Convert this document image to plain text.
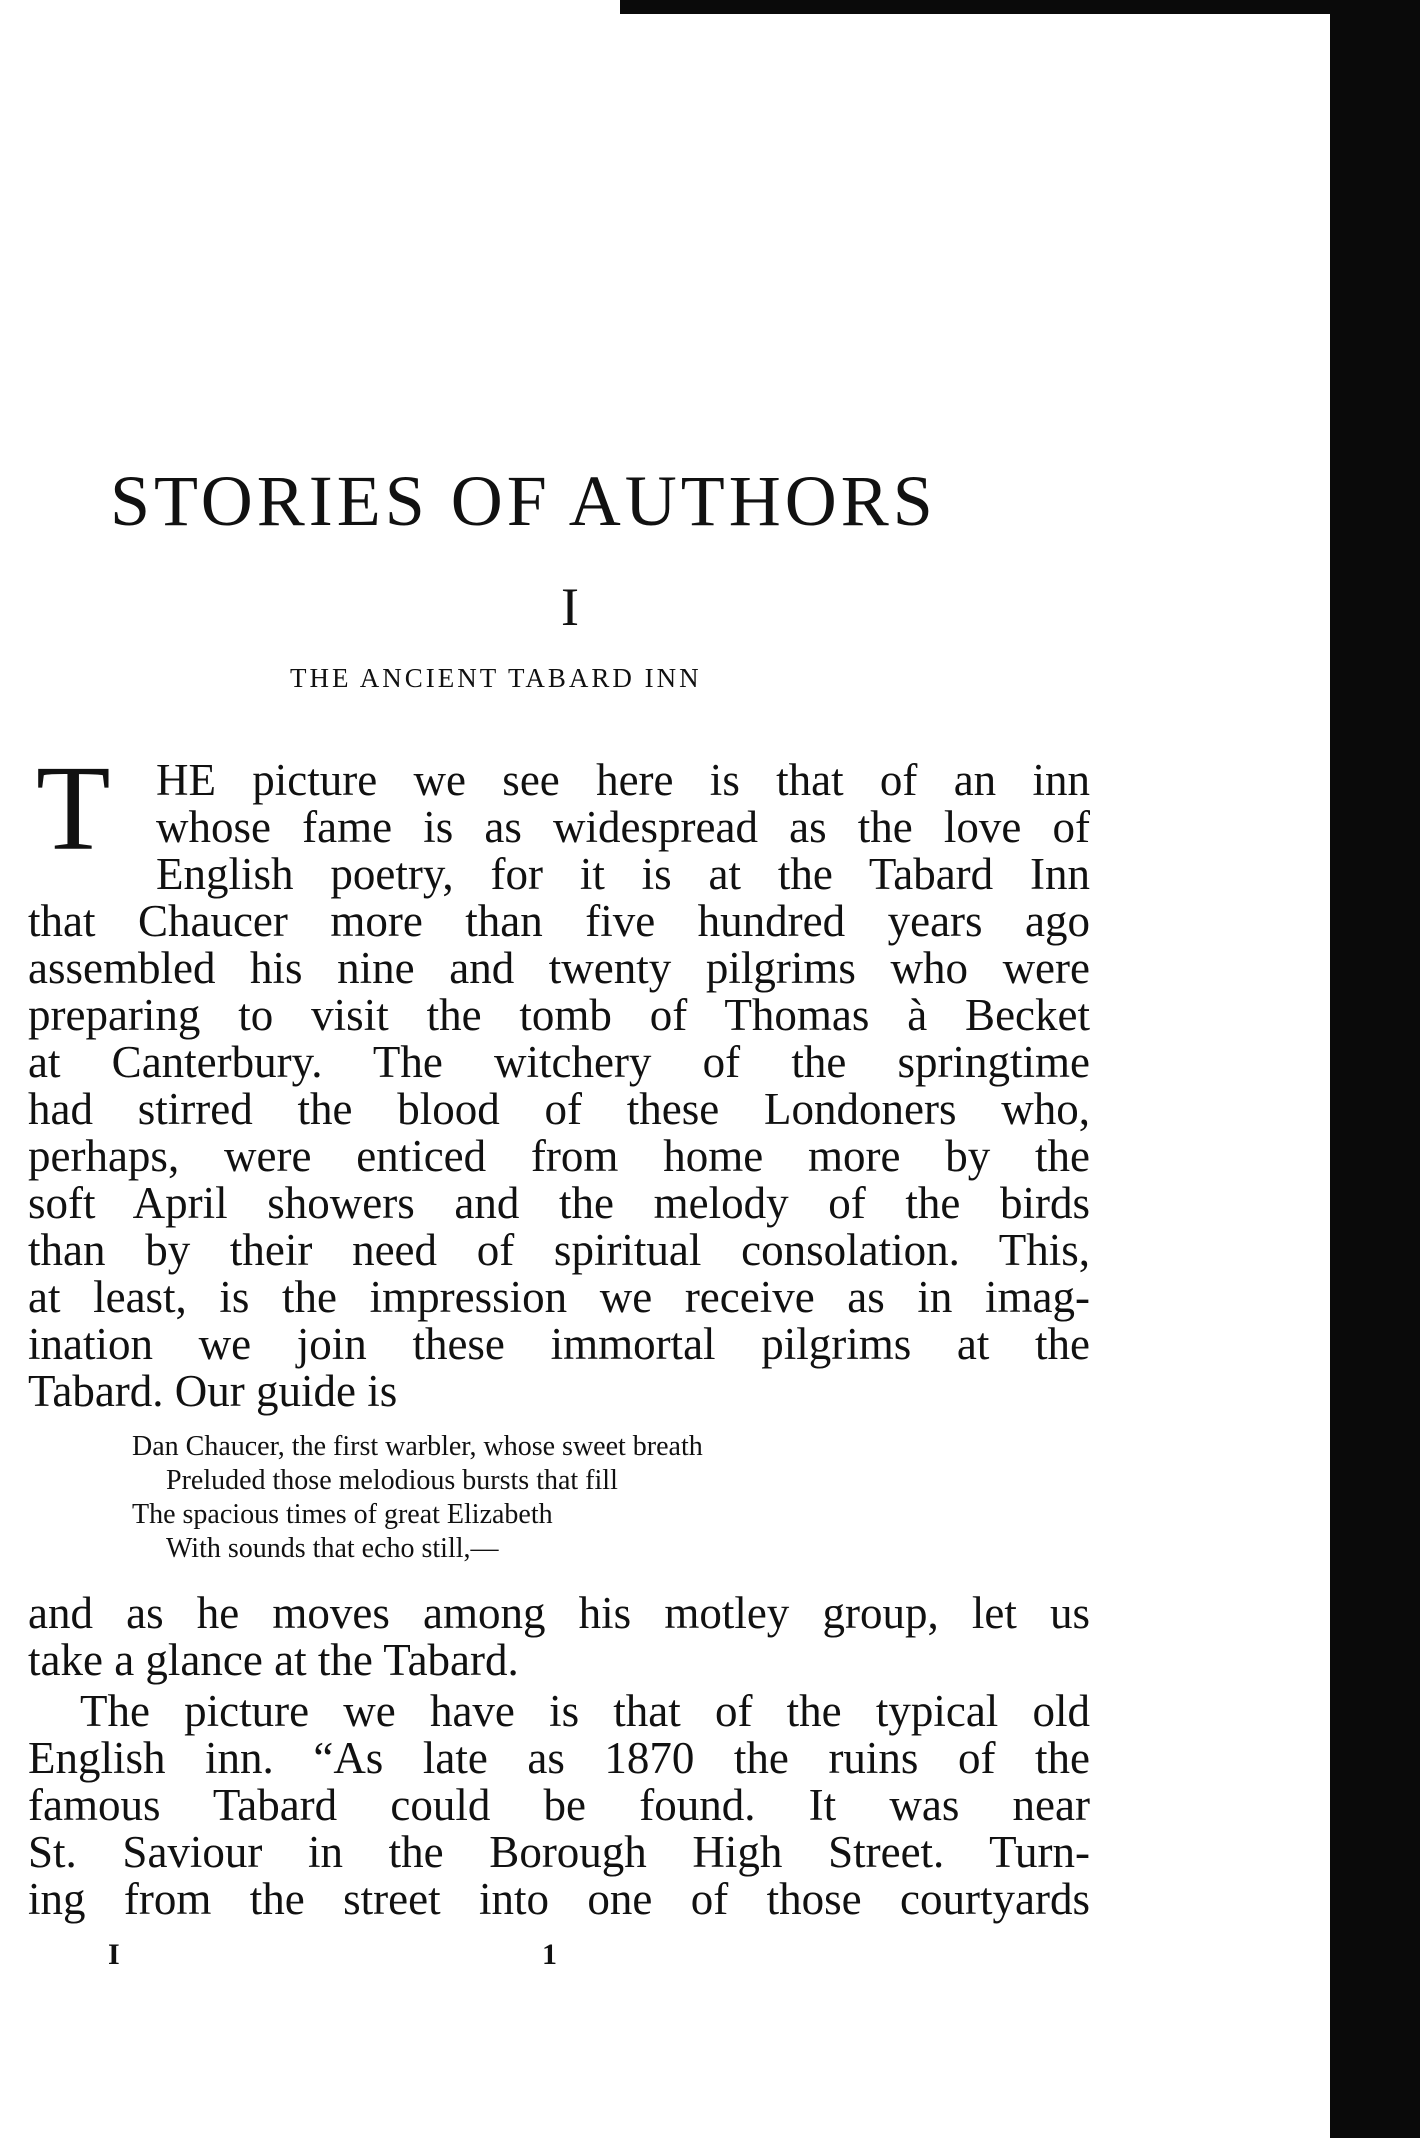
STORIES OF AUTHORS
I
THE ANCIENT TABARD INN
T HE picture we see here is that of an inn
whose fame is as widespread as the love of
English poetry, for it is at the Tabard Inn
that Chaucer more than five hundred years ago
assembled his nine and twenty pilgrims who were
preparing to visit the tomb of Thomas à Becket
at Canterbury. The witchery of the springtime
had stirred the blood of these Londoners who,
perhaps, were enticed from home more by the
soft April showers and the melody of the birds
than by their need of spiritual consolation. This,
at least, is the impression we receive as in imag-
ination we join these immortal pilgrims at the
Tabard. Our guide is
Dan Chaucer, the first warbler, whose sweet breath
Preluded those melodious bursts that fill
The spacious times of great Elizabeth
With sounds that echo still,—
and as he moves among his motley group, let us
take a glance at the Tabard.
The picture we have is that of the typical old
English inn. “As late as 1870 the ruins of the
famous Tabard could be found. It was near
St. Saviour in the Borough High Street. Turn-
ing from the street into one of those courtyards
I	1
